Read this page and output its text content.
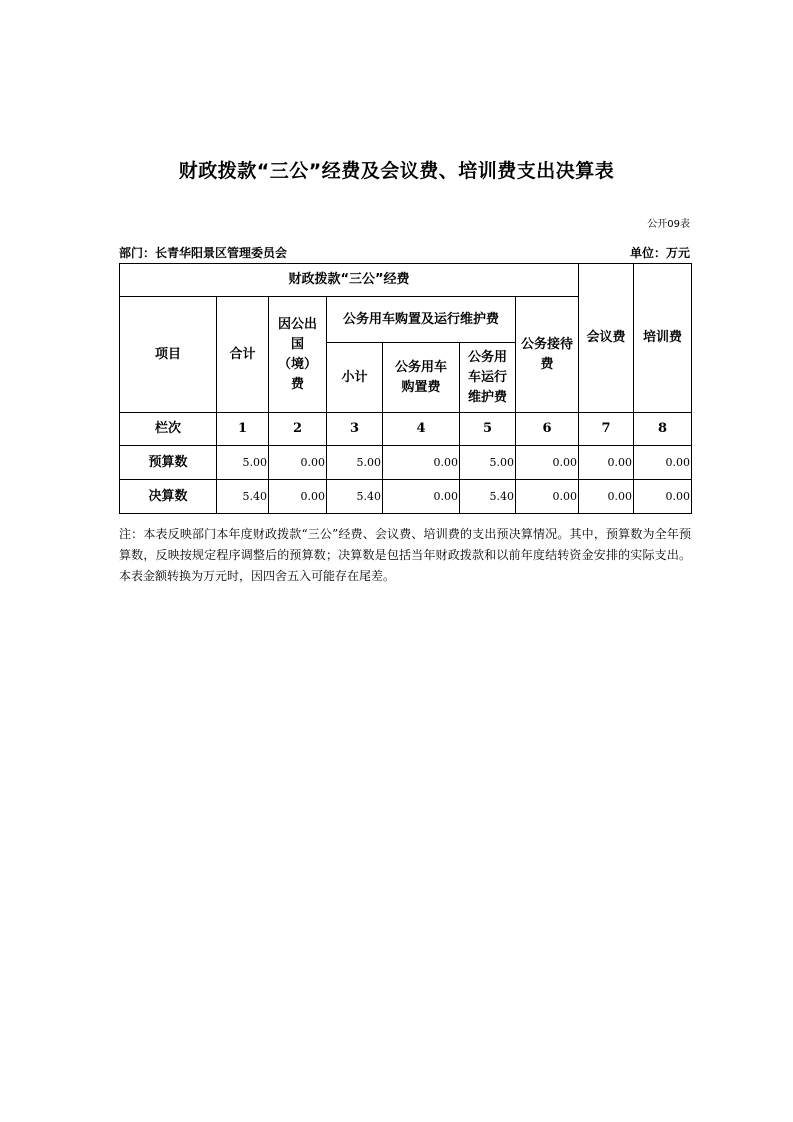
财政拨款“三公”经费及会议费、培训费支出决算表
公开09表
部门：长青华阳景区管理委员会	单位：万元
财政拨款“三公”经费							会议费	培训费
项目	合计	因公出国（境）费	公务用车购置及运行维护费			公务接待费		
			小计	公务用车购置费	公务用车运行维护费			
栏次	1	2	3	4	5	6	7	8
预算数	5.00	0.00	5.00	0.00	5.00	0.00	0.00	0.00
决算数	5.40	0.00	5.40	0.00	5.40	0.00	0.00	0.00
注：本表反映部门本年度财政拨款“三公”经费、会议费、培训费的支出预决算情况。其中，预算数为全年预算数，反映按规定程序调整后的预算数；决算数是包括当年财政拨款和以前年度结转资金安排的实际支出。本表金额转换为万元时，因四舍五入可能存在尾差。
